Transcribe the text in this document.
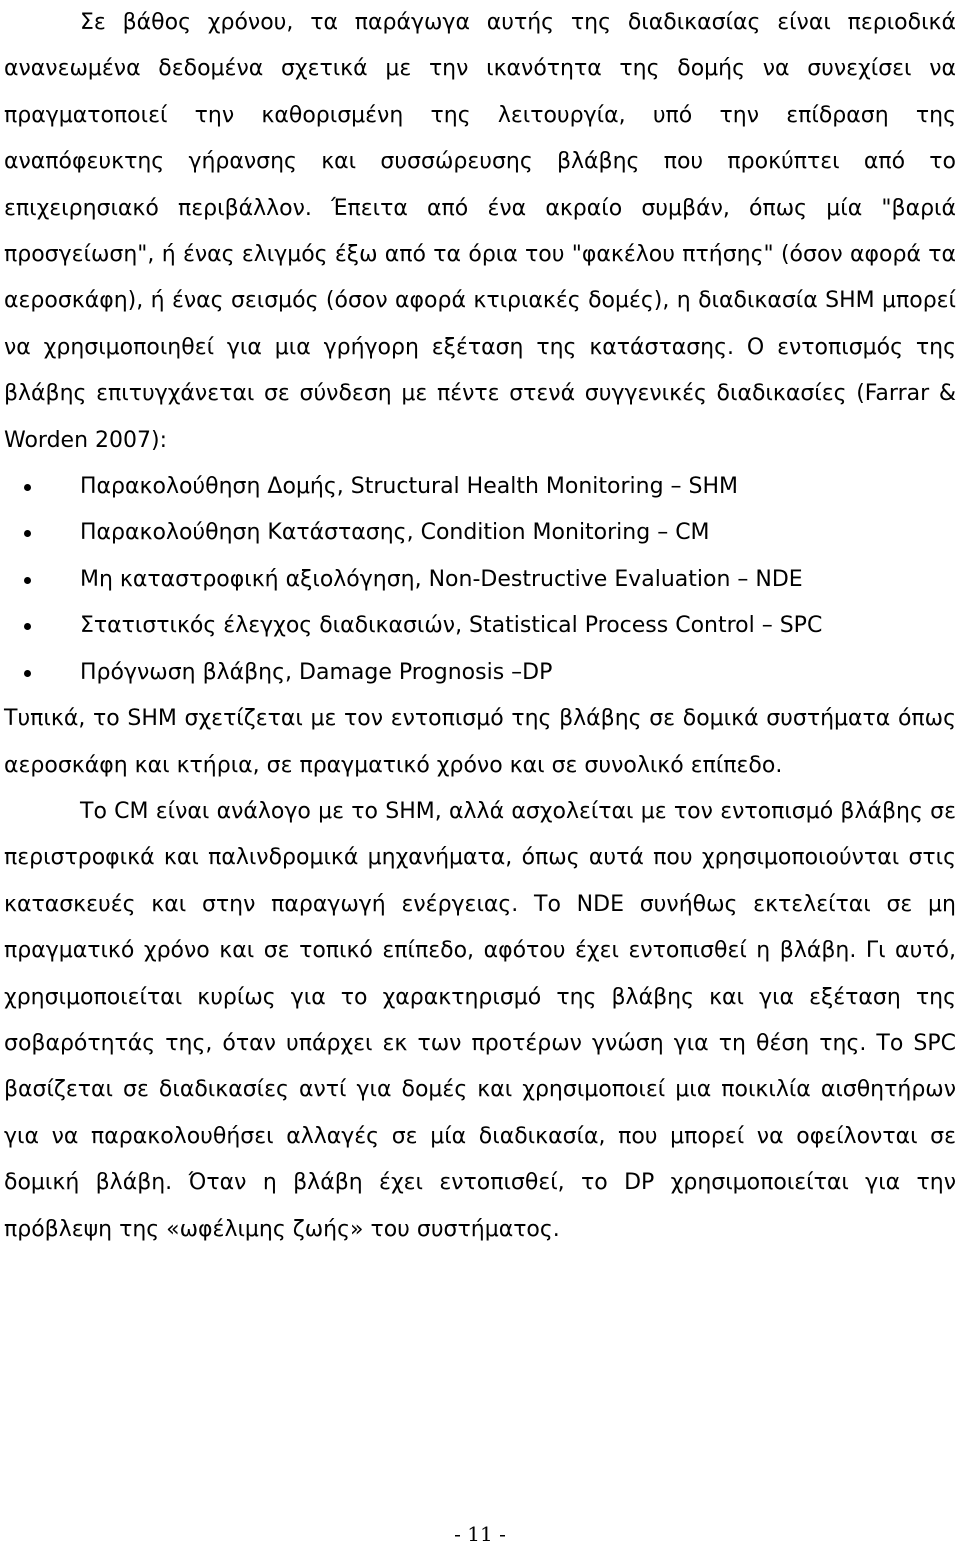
Σε βάθος χρόνου, τα παράγωγα αυτής της διαδικασίας είναι περιοδικά ανανεωμένα δεδομένα σχετικά με την ικανότητα της δομής να συνεχίσει να πραγματοποιεί την καθορισμένη της λειτουργία, υπό την επίδραση της αναπόφευκτης γήρανσης και συσσώρευσης βλάβης που προκύπτει από το επιχειρησιακό περιβάλλον. Έπειτα από ένα ακραίο συμβάν, όπως μία "βαριά προσγείωση", ή ένας ελιγμός έξω από τα όρια του "φακέλου πτήσης" (όσον αφορά τα αεροσκάφη), ή ένας σεισμός (όσον αφορά κτιριακές δομές), η διαδικασία SHM μπορεί να χρησιμοποιηθεί για μια γρήγορη εξέταση της κατάστασης. Ο εντοπισμός της βλάβης επιτυγχάνεται σε σύνδεση με πέντε στενά συγγενικές διαδικασίες (Farrar & Worden 2007):

Παρακολούθηση Δομής, Structural Health Monitoring – SHM
Παρακολούθηση Κατάστασης, Condition Monitoring – CM
Μη καταστροφική αξιολόγηση, Non-Destructive Evaluation – NDE
Στατιστικός έλεγχος διαδικασιών, Statistical Process Control – SPC
Πρόγνωση βλάβης, Damage Prognosis –DP

Τυπικά, το SHM σχετίζεται με τον εντοπισμό της βλάβης σε δομικά συστήματα όπως αεροσκάφη και κτήρια, σε πραγματικό χρόνο και σε συνολικό επίπεδο.

Το CM είναι ανάλογο με το SHM, αλλά ασχολείται με τον εντοπισμό βλάβης σε περιστροφικά και παλινδρομικά μηχανήματα, όπως αυτά που χρησιμοποιούνται στις κατασκευές και στην παραγωγή ενέργειας. Το NDE συνήθως εκτελείται σε μη πραγματικό χρόνο και σε τοπικό επίπεδο, αφότου έχει εντοπισθεί η βλάβη. Γι αυτό, χρησιμοποιείται κυρίως για το χαρακτηρισμό της βλάβης και για εξέταση της σοβαρότητάς της, όταν υπάρχει εκ των προτέρων γνώση για τη θέση της. Το SPC βασίζεται σε διαδικασίες αντί για δομές και χρησιμοποιεί μια ποικιλία αισθητήρων για να παρακολουθήσει αλλαγές σε μία διαδικασία, που μπορεί να οφείλονται σε δομική βλάβη. Όταν η βλάβη έχει εντοπισθεί, το DP χρησιμοποιείται για την πρόβλεψη της «ωφέλιμης ζωής» του συστήματος.

- 11 -
